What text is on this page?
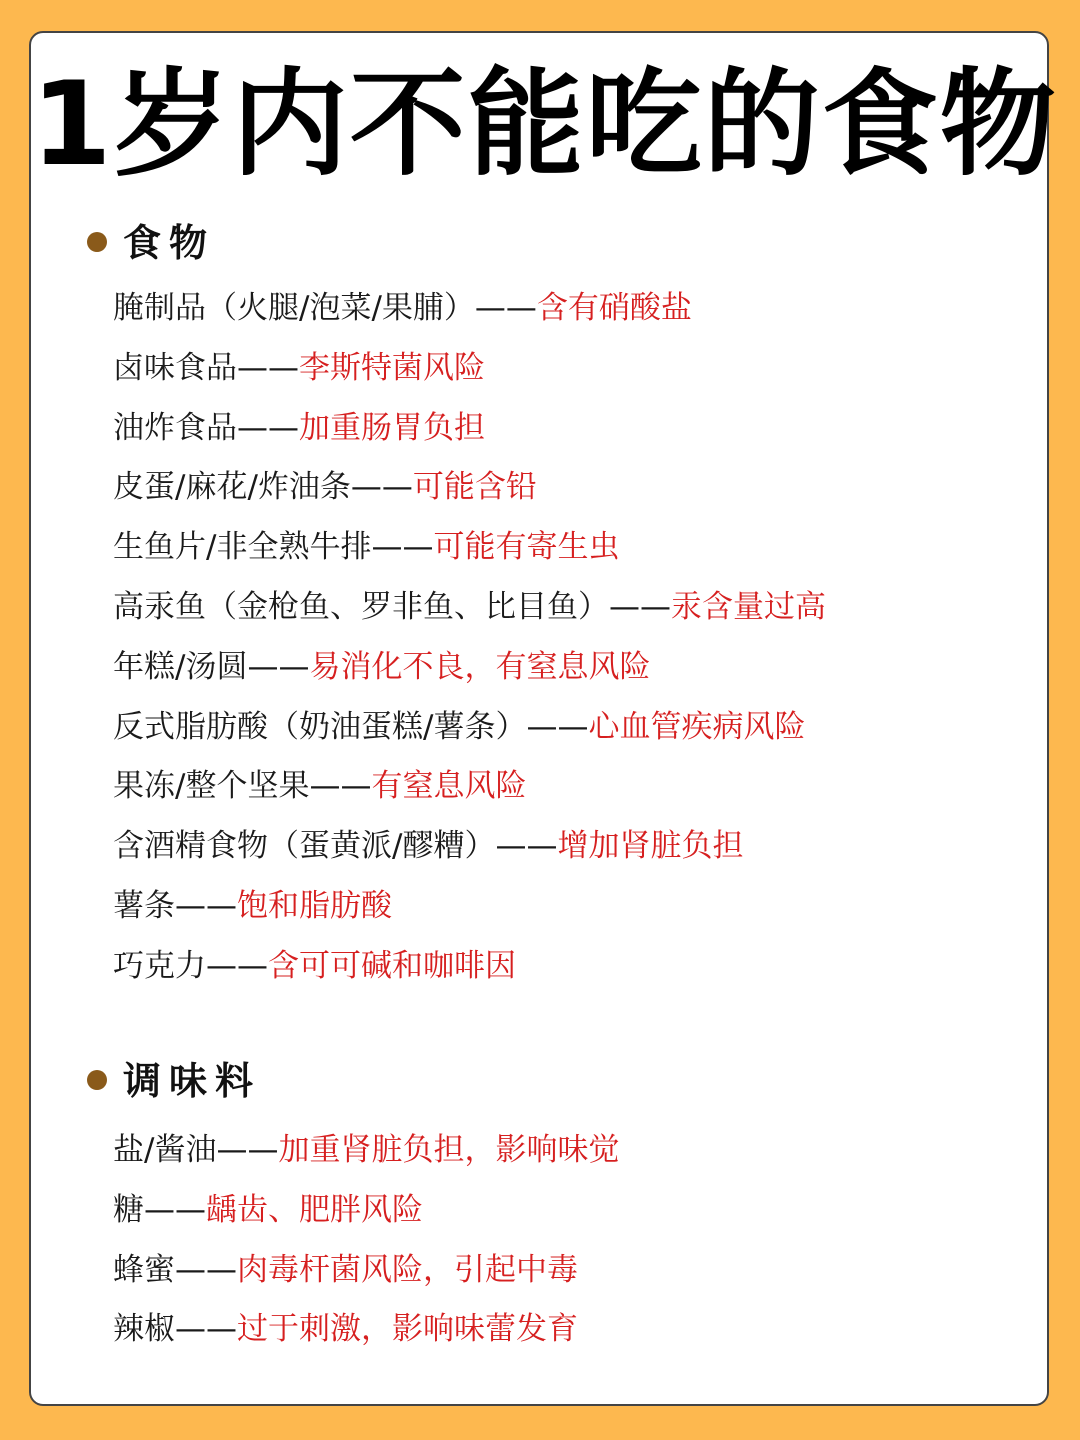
1岁内不能吃的食物
食物
腌制品（火腿/泡菜/果脯）——含有硝酸盐
卤味食品——李斯特菌风险
油炸食品——加重肠胃负担
皮蛋/麻花/炸油条——可能含铅
生鱼片/非全熟牛排——可能有寄生虫
高汞鱼（金枪鱼、罗非鱼、比目鱼）——汞含量过高
年糕/汤圆——易消化不良，有窒息风险
反式脂肪酸（奶油蛋糕/薯条）——心血管疾病风险
果冻/整个坚果——有窒息风险
含酒精食物（蛋黄派/醪糟）——增加肾脏负担
薯条——饱和脂肪酸
巧克力——含可可碱和咖啡因
调味料
盐/酱油——加重肾脏负担，影响味觉
糖——龋齿、肥胖风险
蜂蜜——肉毒杆菌风险，引起中毒
辣椒——过于刺激，影响味蕾发育
